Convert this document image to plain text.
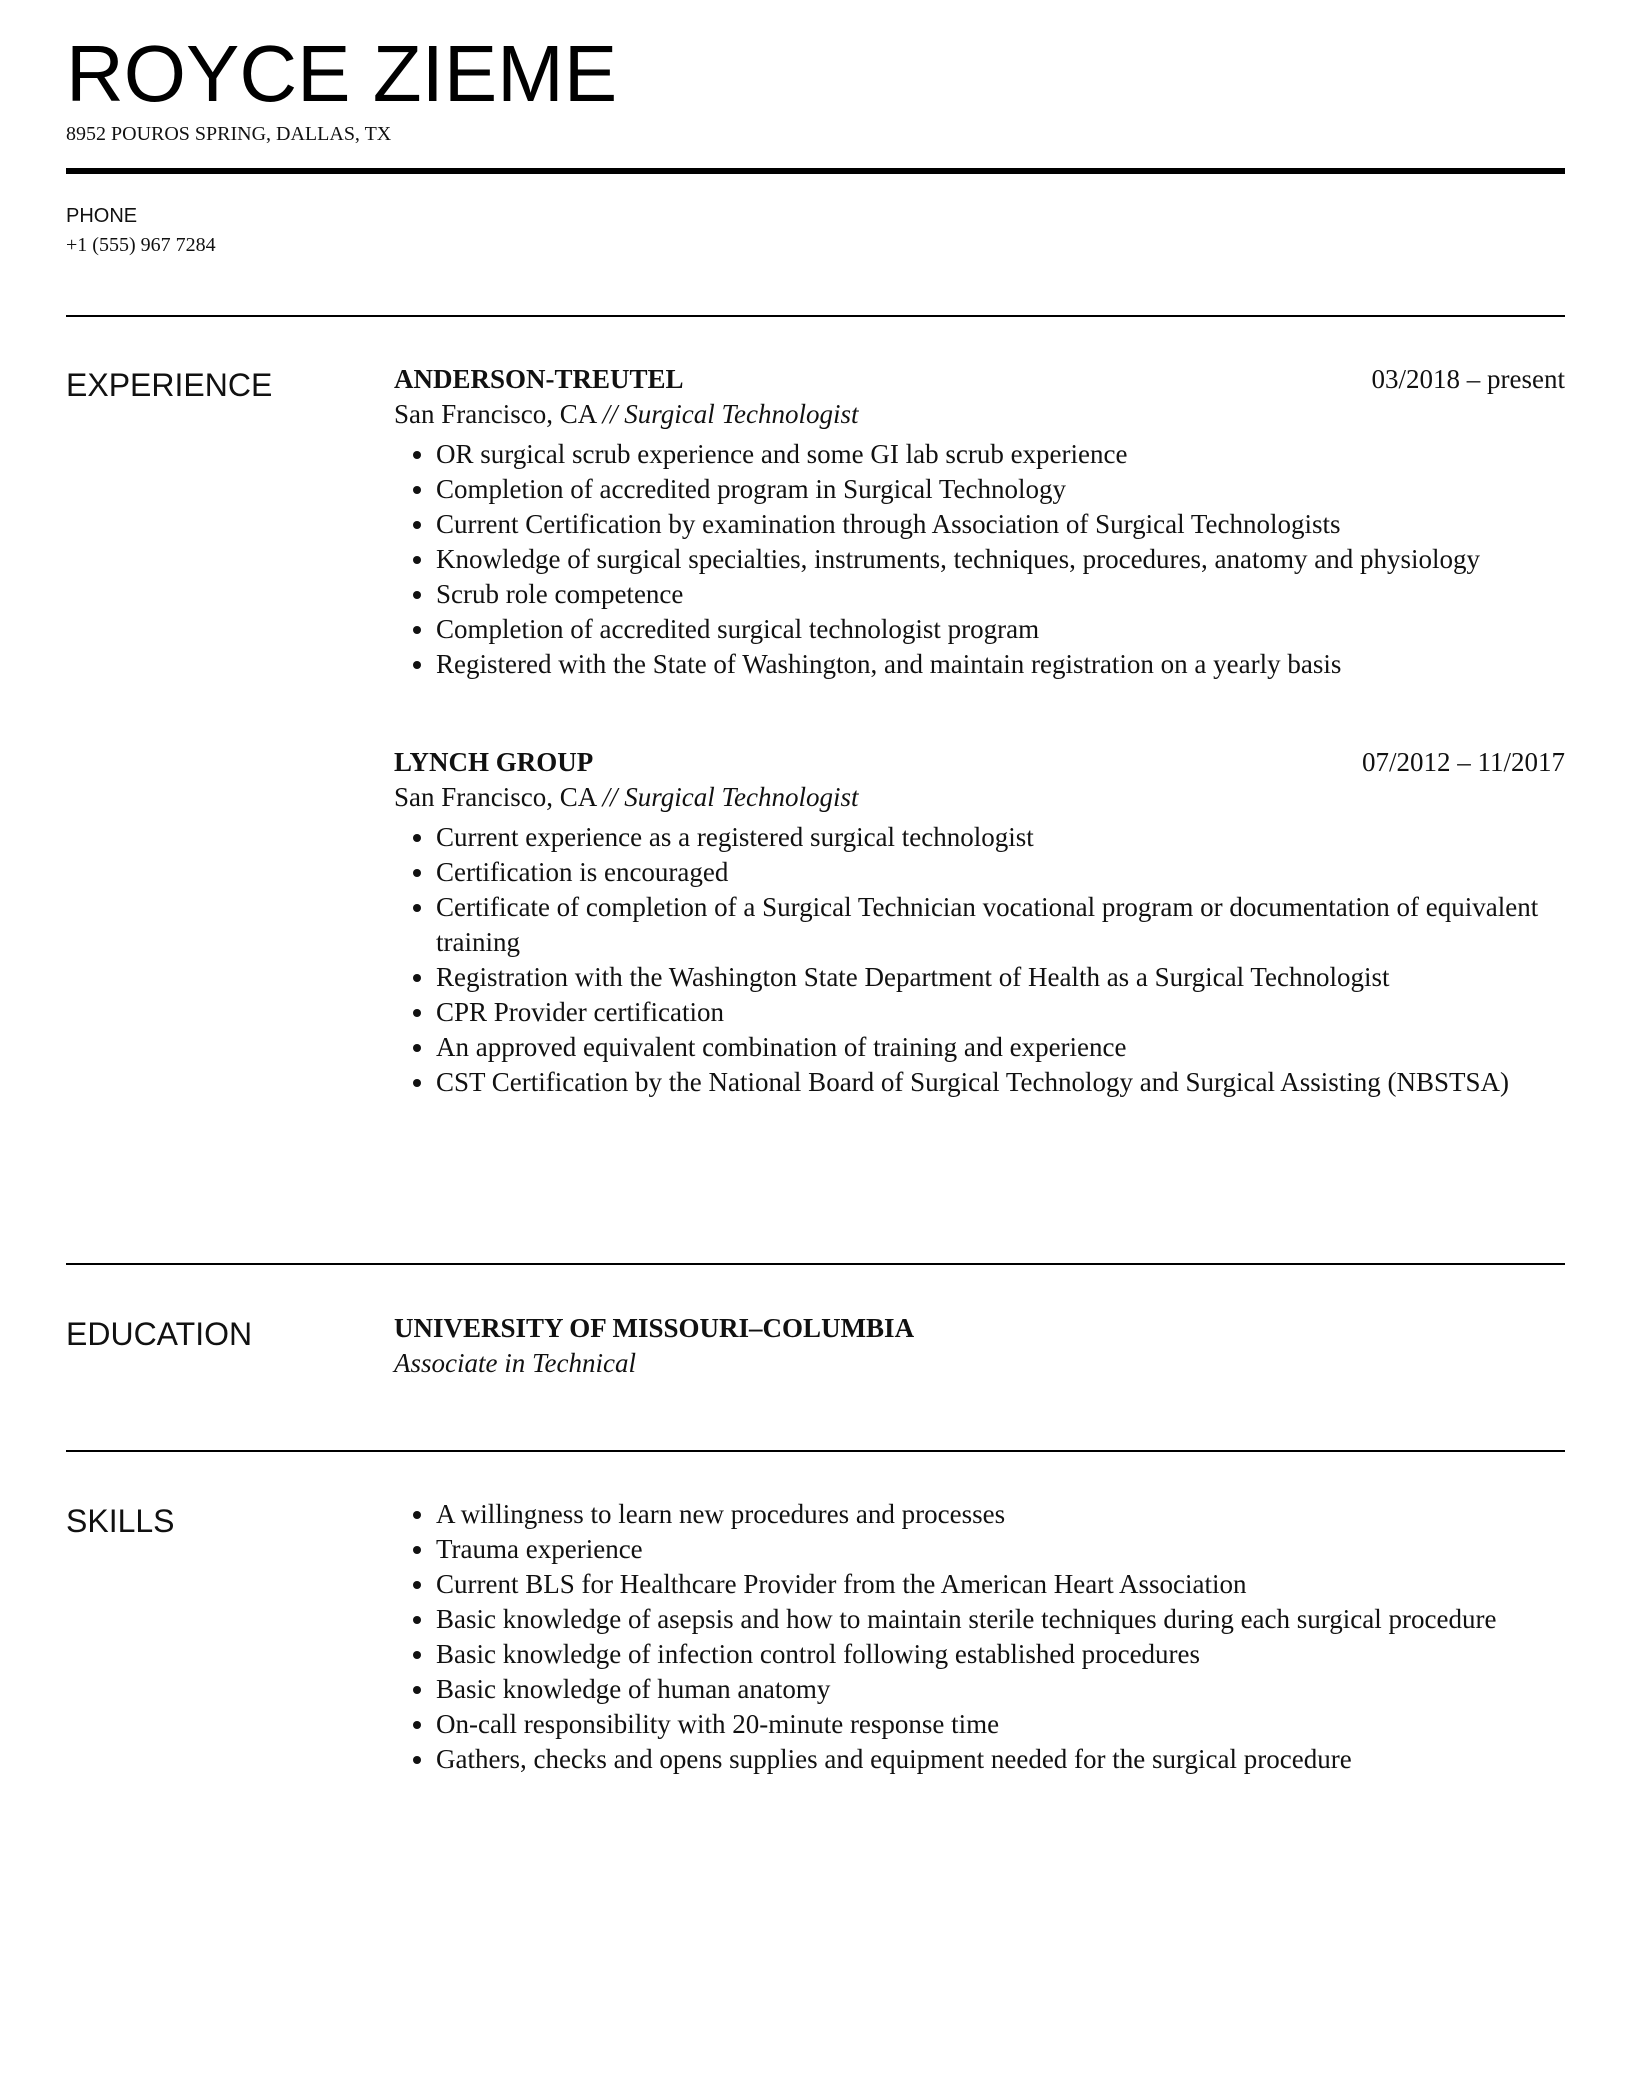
ROYCE ZIEME
8952 POUROS SPRING, DALLAS, TX
PHONE
+1 (555) 967 7284
EXPERIENCE	ANDERSON-TREUTEL	03/2018 – present
San Francisco, CA // Surgical Technologist
• OR surgical scrub experience and some GI lab scrub experience
• Completion of accredited program in Surgical Technology
• Current Certification by examination through Association of Surgical Technologists
• Knowledge of surgical specialties, instruments, techniques, procedures, anatomy and physiology
• Scrub role competence
• Completion of accredited surgical technologist program
• Registered with the State of Washington, and maintain registration on a yearly basis
LYNCH GROUP	07/2012 – 11/2017
San Francisco, CA // Surgical Technologist
• Current experience as a registered surgical technologist
• Certification is encouraged
• Certificate of completion of a Surgical Technician vocational program or documentation of equivalent training
• Registration with the Washington State Department of Health as a Surgical Technologist
• CPR Provider certification
• An approved equivalent combination of training and experience
• CST Certification by the National Board of Surgical Technology and Surgical Assisting (NBSTSA)
EDUCATION	UNIVERSITY OF MISSOURI–COLUMBIA
Associate in Technical
SKILLS
•	A willingness to learn new procedures and processes
• Trauma experience
• Current BLS for Healthcare Provider from the American Heart Association
• Basic knowledge of asepsis and how to maintain sterile techniques during each surgical procedure
• Basic knowledge of infection control following established procedures
• Basic knowledge of human anatomy
• On-call responsibility with 20-minute response time
• Gathers, checks and opens supplies and equipment needed for the surgical procedure
